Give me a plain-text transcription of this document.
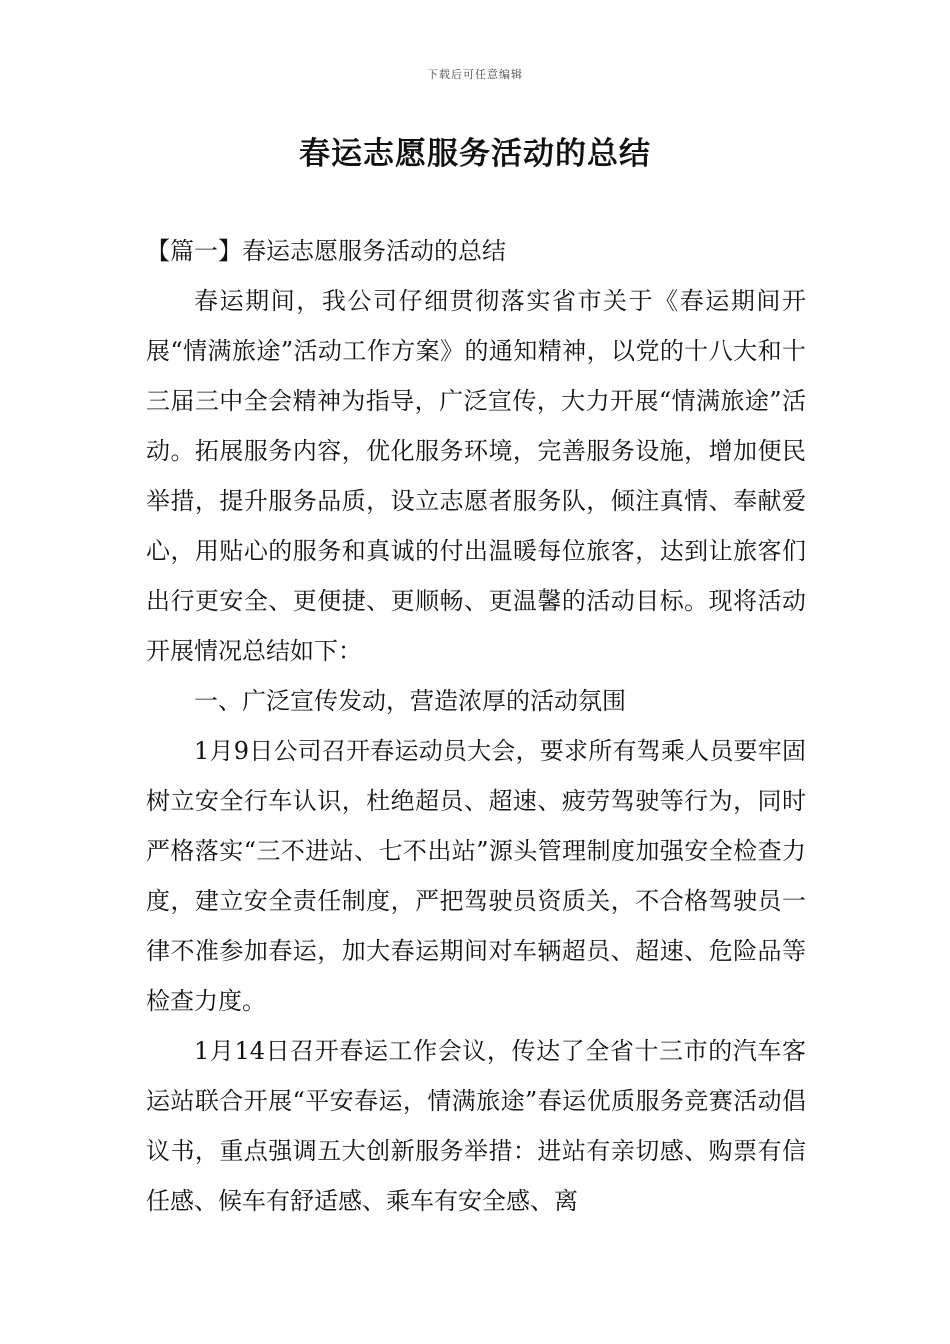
下载后可任意编辑
春运志愿服务活动的总结

【篇一】春运志愿服务活动的总结

春运期间，我公司仔细贯彻落实省市关于《春运期间开展“情满旅途”活动工作方案》的通知精神，以党的十八大和十三届三中全会精神为指导，广泛宣传，大力开展“情满旅途”活动。拓展服务内容，优化服务环境，完善服务设施，增加便民举措，提升服务品质，设立志愿者服务队，倾注真情、奉献爱心，用贴心的服务和真诚的付出温暖每位旅客，达到让旅客们出行更安全、更便捷、更顺畅、更温馨的活动目标。现将活动开展情况总结如下：

一、广泛宣传发动，营造浓厚的活动氛围

1月9日公司召开春运动员大会，要求所有驾乘人员要牢固树立安全行车认识，杜绝超员、超速、疲劳驾驶等行为，同时严格落实“三不进站、七不出站”源头管理制度加强安全检查力度，建立安全责任制度，严把驾驶员资质关，不合格驾驶员一律不准参加春运，加大春运期间对车辆超员、超速、危险品等检查力度。

1月14日召开春运工作会议，传达了全省十三市的汽车客运站联合开展“平安春运，情满旅途”春运优质服务竞赛活动倡议书，重点强调五大创新服务举措：进站有亲切感、购票有信任感、候车有舒适感、乘车有安全感、离
